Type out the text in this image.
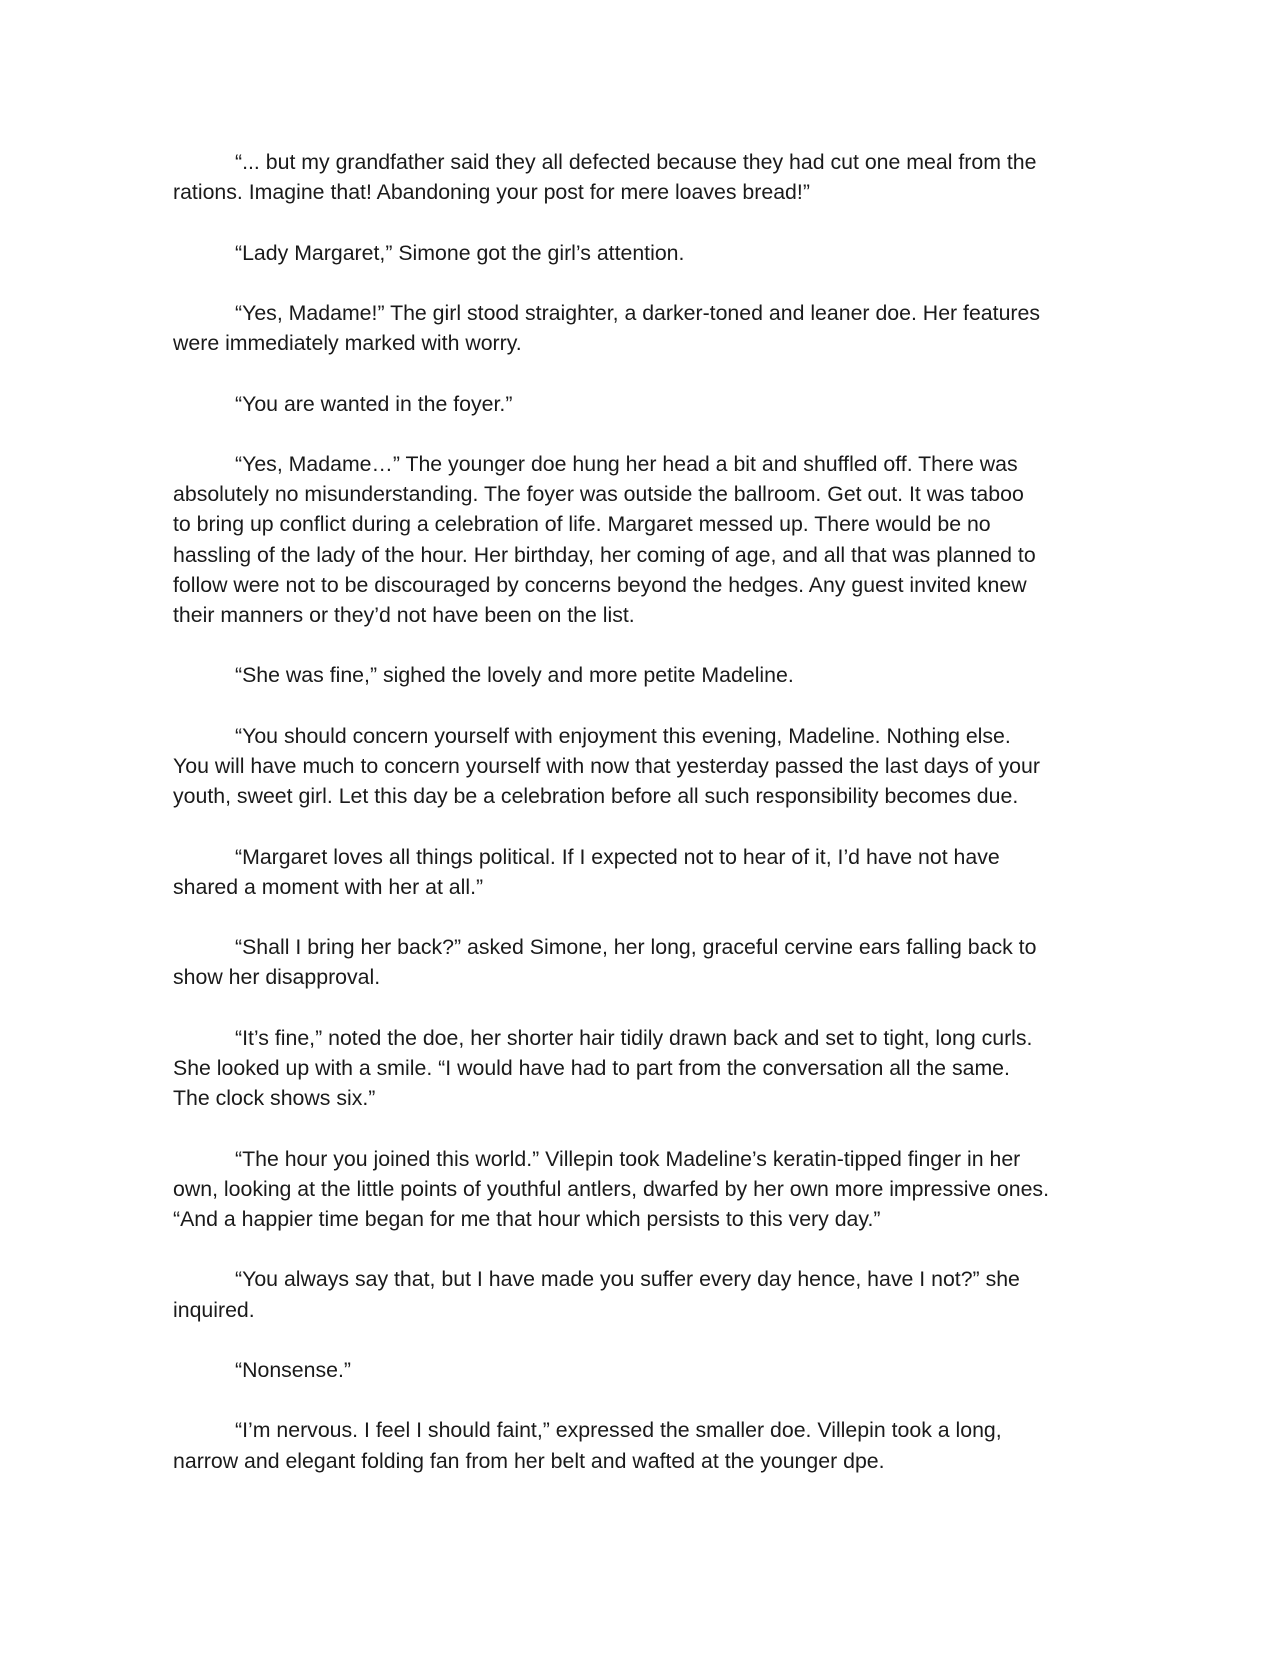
“... but my grandfather said they all defected because they had cut one meal from the
rations. Imagine that! Abandoning your post for mere loaves bread!”

“Lady Margaret,” Simone got the girl’s attention.

“Yes, Madame!” The girl stood straighter, a darker-toned and leaner doe. Her features
were immediately marked with worry.

“You are wanted in the foyer.”

“Yes, Madame…” The younger doe hung her head a bit and shuffled off. There was
absolutely no misunderstanding. The foyer was outside the ballroom. Get out. It was taboo
to bring up conflict during a celebration of life. Margaret messed up. There would be no
hassling of the lady of the hour. Her birthday, her coming of age, and all that was planned to
follow were not to be discouraged by concerns beyond the hedges. Any guest invited knew
their manners or they’d not have been on the list.

“She was fine,” sighed the lovely and more petite Madeline.

“You should concern yourself with enjoyment this evening, Madeline. Nothing else.
You will have much to concern yourself with now that yesterday passed the last days of your
youth, sweet girl. Let this day be a celebration before all such responsibility becomes due.

“Margaret loves all things political. If I expected not to hear of it, I’d have not have
shared a moment with her at all.”

“Shall I bring her back?” asked Simone, her long, graceful cervine ears falling back to
show her disapproval.

“It’s fine,” noted the doe, her shorter hair tidily drawn back and set to tight, long curls.
She looked up with a smile. “I would have had to part from the conversation all the same.
The clock shows six.”

“The hour you joined this world.” Villepin took Madeline’s keratin-tipped finger in her
own, looking at the little points of youthful antlers, dwarfed by her own more impressive ones.
“And a happier time began for me that hour which persists to this very day.”

“You always say that, but I have made you suffer every day hence, have I not?” she
inquired.

“Nonsense.”

“I’m nervous. I feel I should faint,” expressed the smaller doe. Villepin took a long,
narrow and elegant folding fan from her belt and wafted at the younger dpe.
